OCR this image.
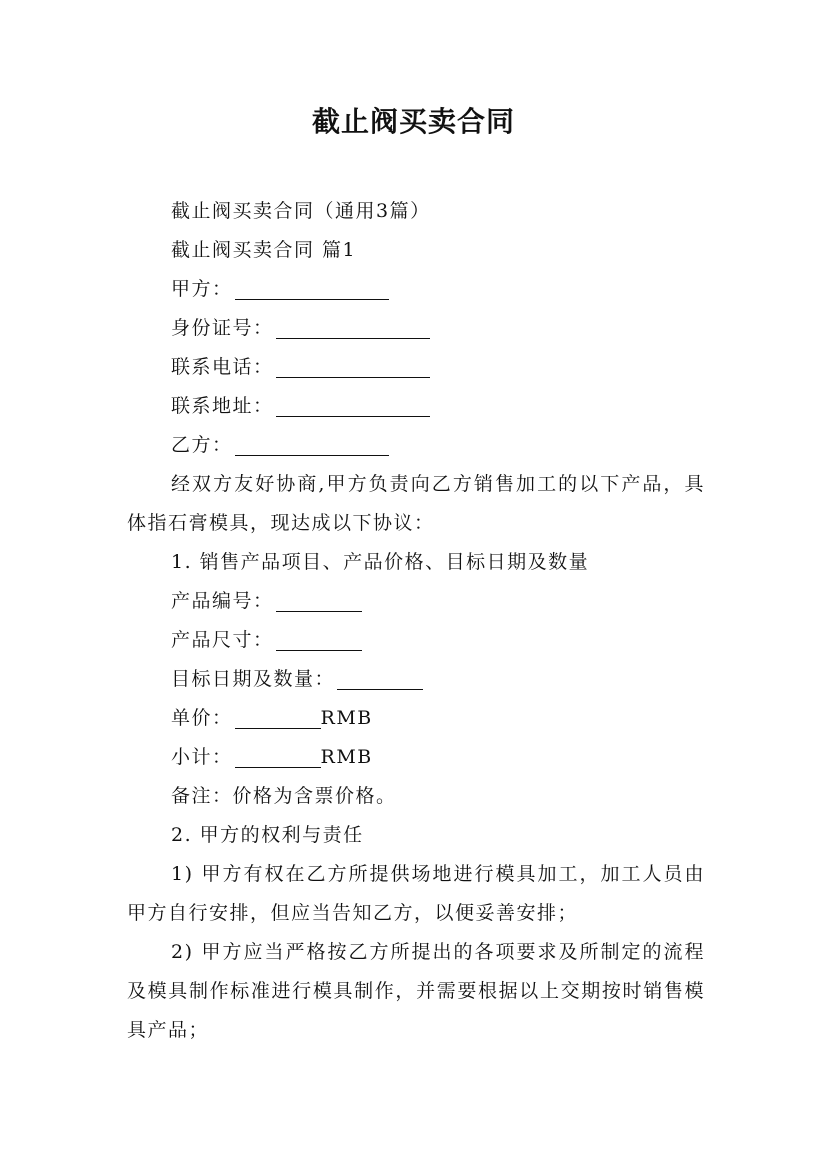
截止阀买卖合同

截止阀买卖合同（通用3篇）

截止阀买卖合同 篇1

甲方：

身份证号：

联系电话：

联系地址：

乙方：

经双方友好协商,甲方负责向乙方销售加工的以下产品，具体指石膏模具，现达成以下协议：

1. 销售产品项目、产品价格、目标日期及数量

产品编号：

产品尺寸：

目标日期及数量：

单价：	RMB

小计：	RMB

备注：价格为含票价格。

2. 甲方的权利与责任

1) 甲方有权在乙方所提供场地进行模具加工，加工人员由甲方自行安排，但应当告知乙方，以便妥善安排；

2) 甲方应当严格按乙方所提出的各项要求及所制定的流程及模具制作标准进行模具制作，并需要根据以上交期按时销售模具产品；
